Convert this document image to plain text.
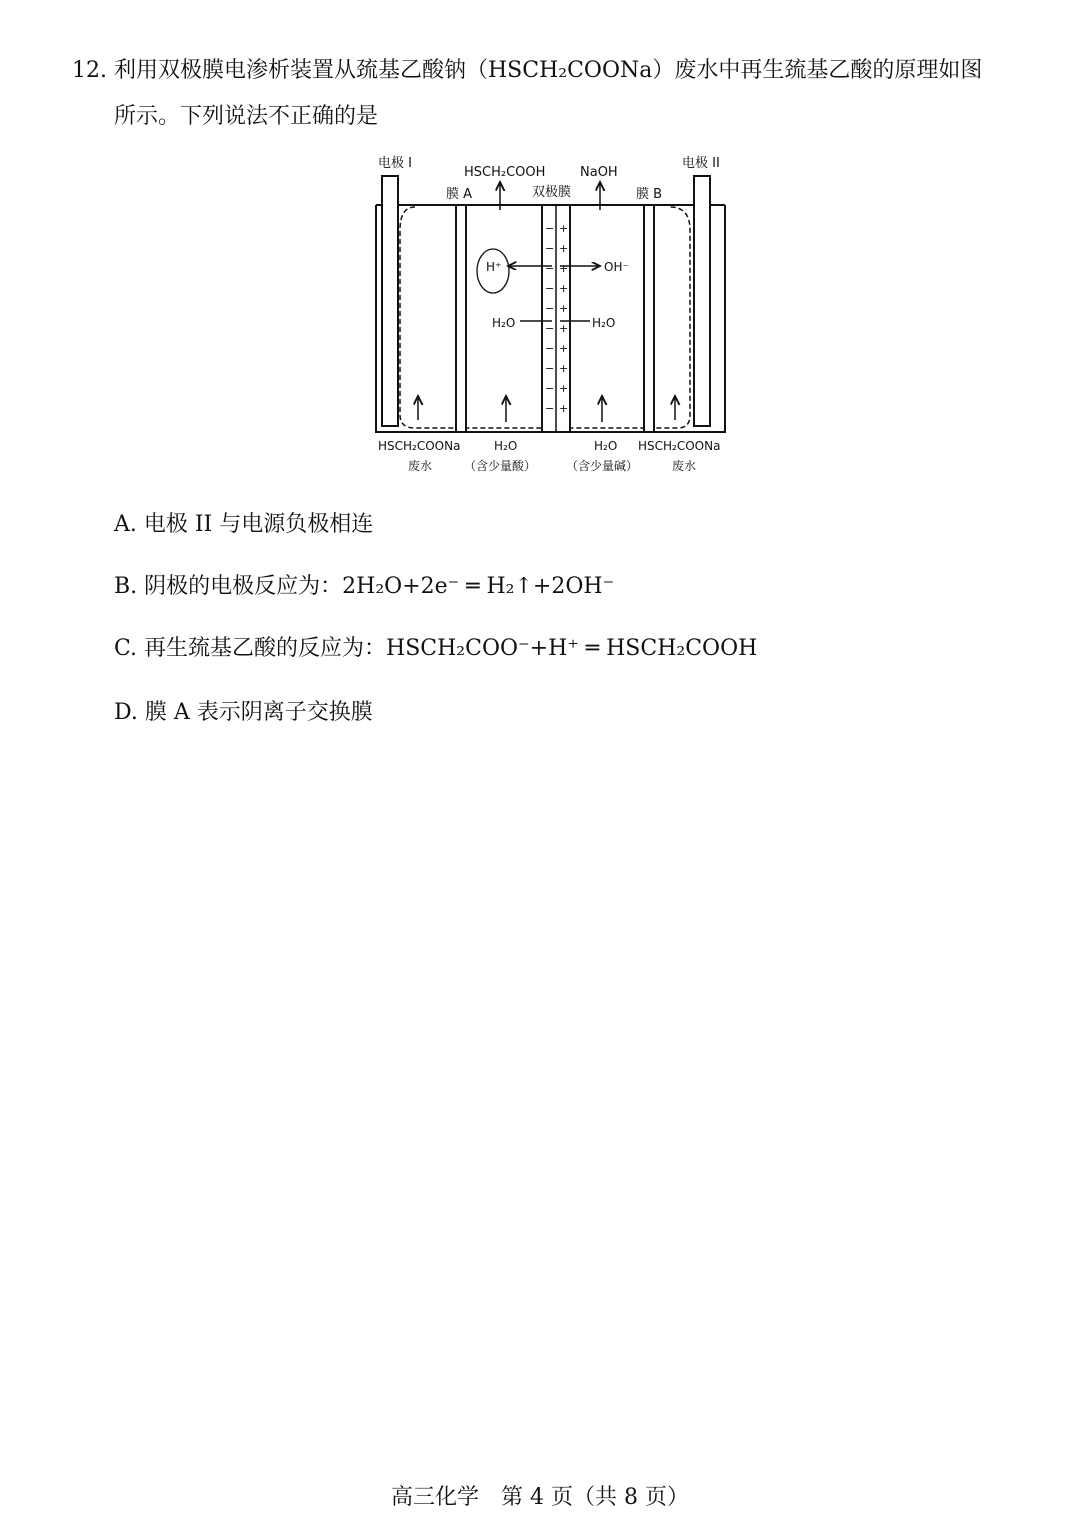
12. 利用双极膜电渗析装置从巯基乙酸钠（HSCH₂COONa）废水中再生巯基乙酸的原理如图
所示。下列说法不正确的是
电极 I	电极 II
HSCH₂COOH	NaOH
膜 A	双极膜	膜 B
− +
− +
− +
− +
− +
− +
− +
− +
− +
− +
H⁺	OH⁻
H₂O	H₂O
HSCH₂COONa
废水
H₂O
（含少量酸）
H₂O
（含少量碱）
HSCH₂COONa
废水
A. 电极 II 与电源负极相连
B. 阴极的电极反应为：2H₂O+2e⁻ ═ H₂↑+2OH⁻
C. 再生巯基乙酸的反应为：HSCH₂COO⁻+H⁺ ═ HSCH₂COOH
D. 膜 A 表示阴离子交换膜
高三化学　第 4 页（共 8 页）
